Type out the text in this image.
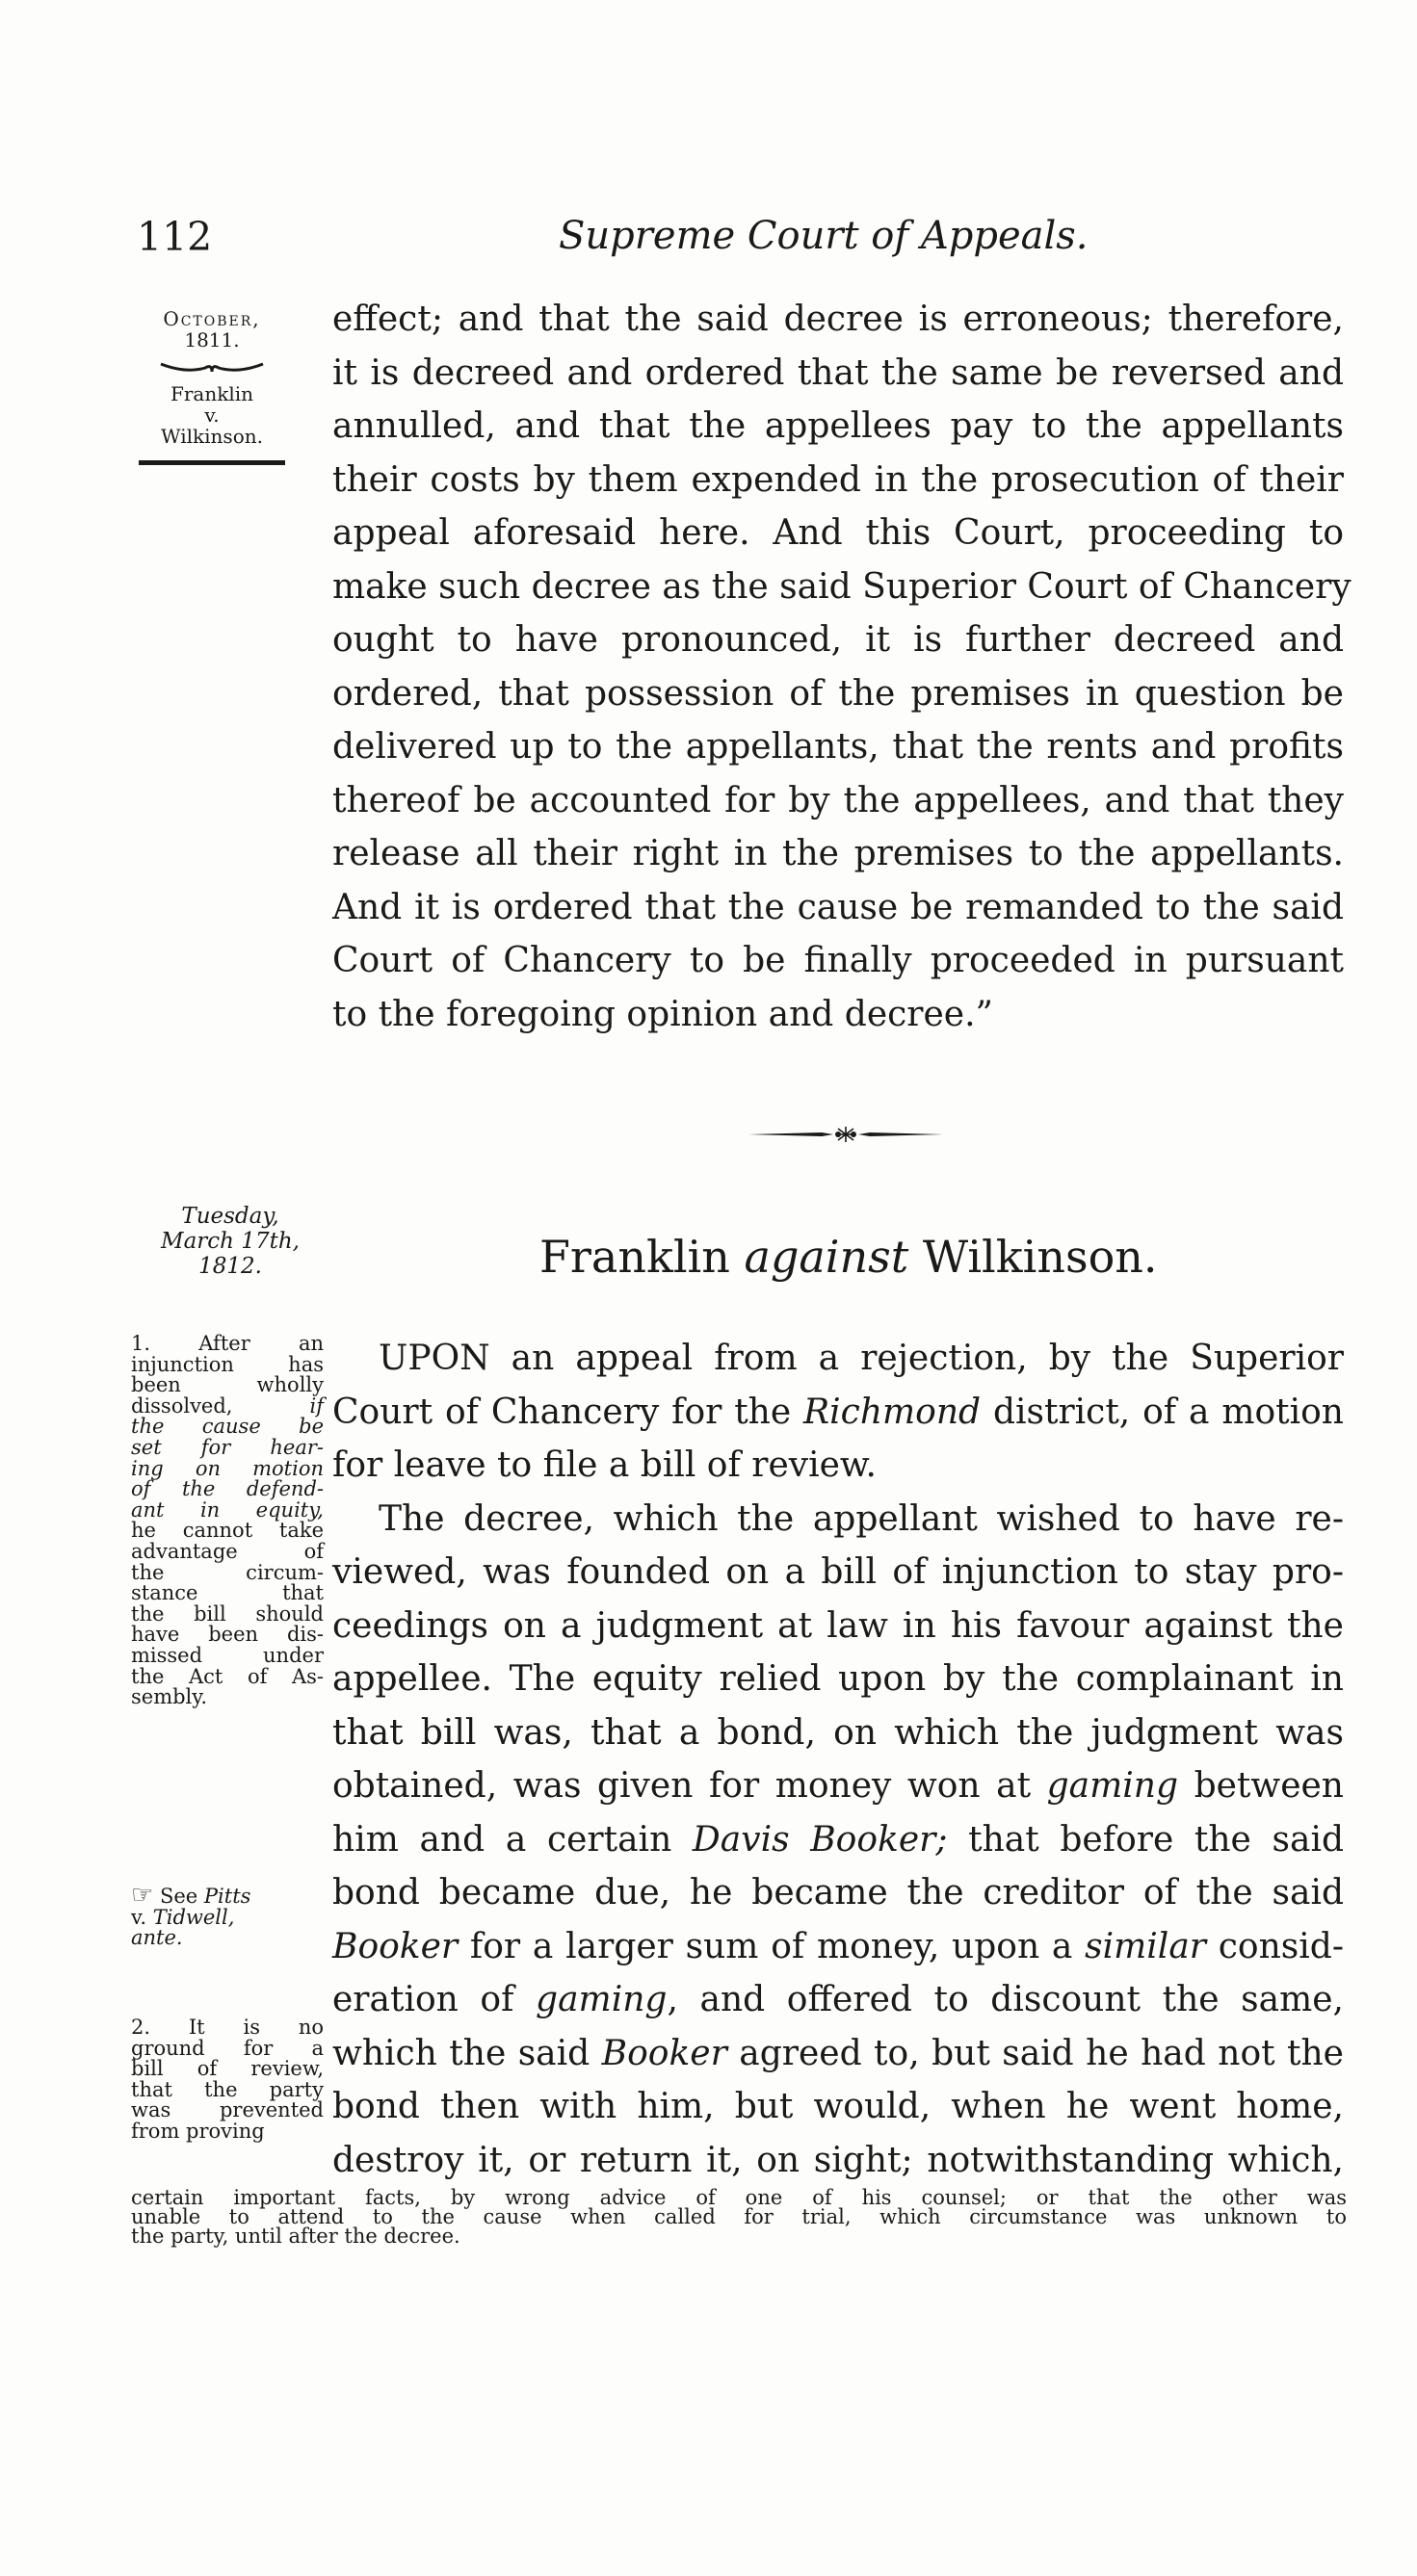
112	Supreme Court of Appeals.
October,
1811.
Franklin
v.
Wilkinson.
effect; and that the said decree is erroneous; therefore,
it is decreed and ordered that the same be reversed and
annulled, and that the appellees pay to the appellants
their costs by them expended in the prosecution of their
appeal aforesaid here. And this Court, proceeding to
make such decree as the said Superior Court of Chancery
ought to have pronounced, it is further decreed and
ordered, that possession of the premises in question be
delivered up to the appellants, that the rents and profits
thereof be accounted for by the appellees, and that they
release all their right in the premises to the appellants.
And it is ordered that the cause be remanded to the said
Court of Chancery to be finally proceeded in pursuant
to the foregoing opinion and decree.”
Tuesday,
March 17th,
1812.	Franklin against Wilkinson.
UPON an appeal from a rejection, by the Superior
Court of Chancery for the Richmond district, of a motion
for leave to file a bill of review.
The decree, which the appellant wished to have re-
viewed, was founded on a bill of injunction to stay pro-
ceedings on a judgment at law in his favour against the
appellee. The equity relied upon by the complainant in
that bill was, that a bond, on which the judgment was
obtained, was given for money won at gaming between
him and a certain Davis Booker; that before the said
bond became due, he became the creditor of the said
Booker for a larger sum of money, upon a similar consid-
eration of gaming, and offered to discount the same,
which the said Booker agreed to, but said he had not the
bond then with him, but would, when he went home,
destroy it, or return it, on sight; notwithstanding which,
1. After an
injunction has
been wholly
dissolved, if
the cause be
set for hear-
ing on motion
of the defend-
ant in equity,
he cannot take
advantage of
the circum-
stance that
the bill should
have been dis-
missed under
the Act of As-
sembly.
☞ See Pitts
v. Tidwell,
ante.
2. It is no
ground for a
bill of review,
that the party
was prevented
from proving
certain important facts, by wrong advice of one of his counsel; or that the other was
unable to attend to the cause when called for trial, which circumstance was unknown to
the party, until after the decree.
